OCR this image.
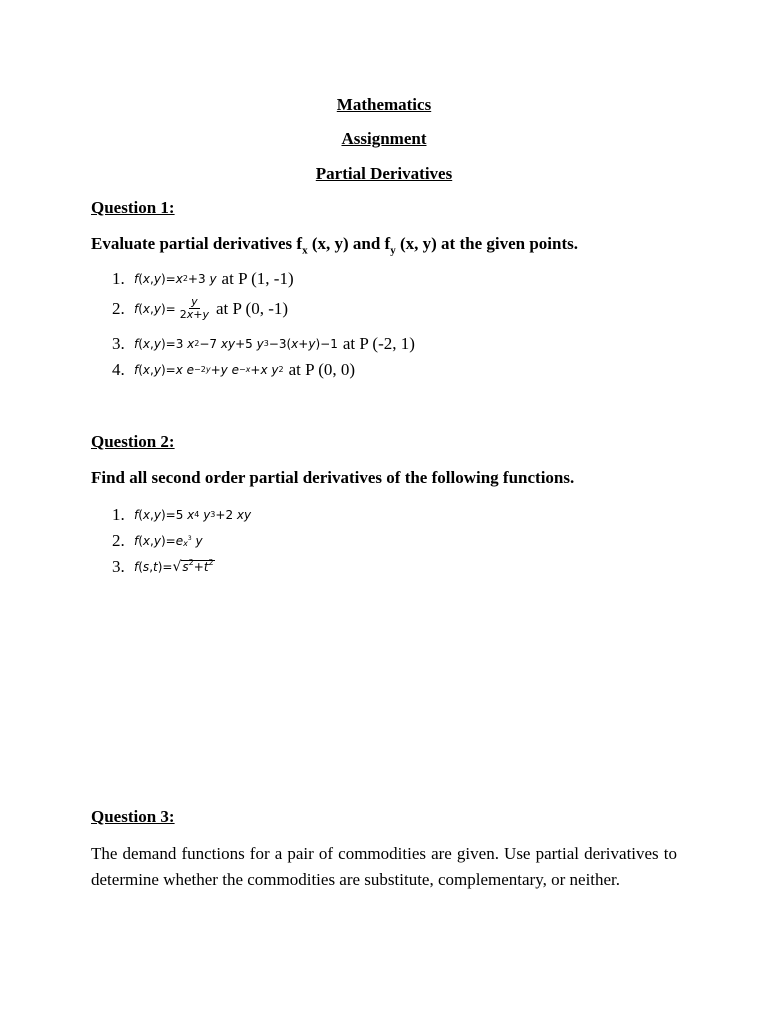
Mathematics
Assignment
Partial Derivatives
Question 1:
Evaluate partial derivatives $f_x$ (x, y) and $f_y$ (x, y) at the given points.
1. f ( x , y )= x 2 +3 y at P (1, -1)
2. f ( x , y )= $\frac{y}{2x+y}$ at P (0, -1)
3. f ( x , y )=3 x 2 −7 xy +5 y 3 −3( x + y )−1 at P (-2, 1)
4. f ( x , y )= x
e −2y + y
e −x + x
y 2 at P (0, 0)
Question 2:
Find all second order partial derivatives of the following functions.
1. f ( x , y )=5 x 4
y 3 +2 xy
2. f ( x , y )= e $x^3$
y
3. f ( s , t )= √ $s^2+t^2$
Question 3:
The demand functions for a pair of commodities are given. Use partial derivatives to determine whether the commodities are substitute, complementary, or neither.
